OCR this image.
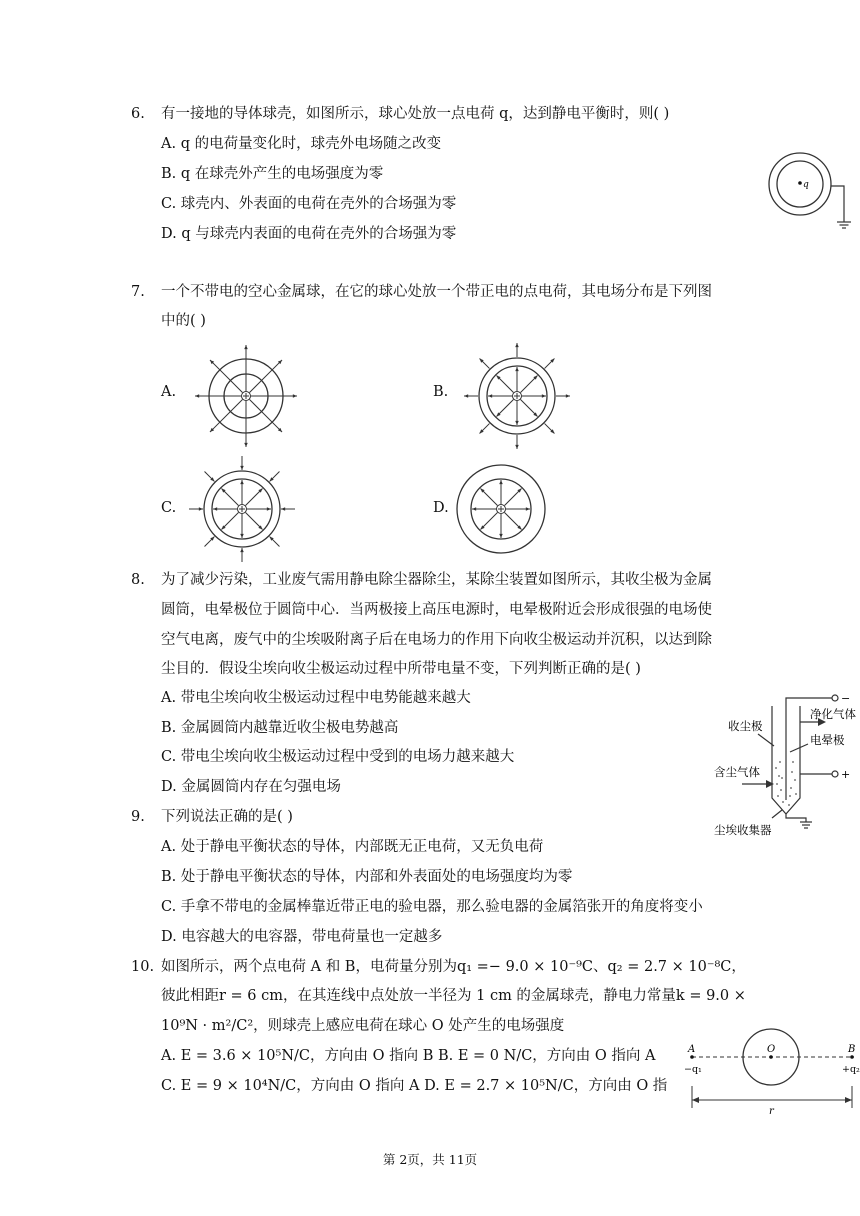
6. 有一接地的导体球壳，如图所示，球心处放一点电荷 q，达到静电平衡时，则( )
A. q 的电荷量变化时，球壳外电场随之改变
B. q 在球壳外产生的电场强度为零
C. 球壳内、外表面的电荷在壳外的合场强为零
D. q 与球壳内表面的电荷在壳外的合场强为零
q
7. 一个不带电的空心金属球，在它的球心处放一个带正电的点电荷，其电场分布是下列图
中的( )
A.	B.
C.	D.
8. 为了减少污染，工业废气需用静电除尘器除尘，某除尘装置如图所示，其收尘极为金属
圆筒，电晕极位于圆筒中心．当两极接上高压电源时，电晕极附近会形成很强的电场使
空气电离，废气中的尘埃吸附离子后在电场力的作用下向收尘极运动并沉积，以达到除
尘目的．假设尘埃向收尘极运动过程中所带电量不变，下列判断正确的是( )
A. 带电尘埃向收尘极运动过程中电势能越来越大
B. 金属圆筒内越靠近收尘极电势越高
C. 带电尘埃向收尘极运动过程中受到的电场力越来越大
D. 金属圆筒内存在匀强电场
收尘极
净化气体
电晕极
含尘气体
尘埃收集器
−
+
9. 下列说法正确的是( )
A. 处于静电平衡状态的导体，内部既无正电荷，又无负电荷
B. 处于静电平衡状态的导体，内部和外表面处的电场强度均为零
C. 手拿不带电的金属棒靠近带正电的验电器，那么验电器的金属箔张开的角度将变小
D. 电容越大的电容器，带电荷量也一定越多
10. 如图所示，两个点电荷 A 和 B，电荷量分别为q₁ =− 9.0 × 10⁻⁹C、q₂ = 2.7 × 10⁻⁸C，
彼此相距r = 6 cm，在其连线中点处放一半径为 1 cm 的金属球壳，静电力常量k = 9.0 ×
10⁹N · m²/C²，则球壳上感应电荷在球心 O 处产生的电场强度
A. E = 3.6 × 10⁵N/C，方向由 O 指向 B B. E = 0 N/C，方向由 O 指向 A
C. E = 9 × 10⁴N/C，方向由 O 指向 A D. E = 2.7 × 10⁵N/C，方向由 O 指
A	B
O
−q₁	+q₂
r
第 2页，共 11页
